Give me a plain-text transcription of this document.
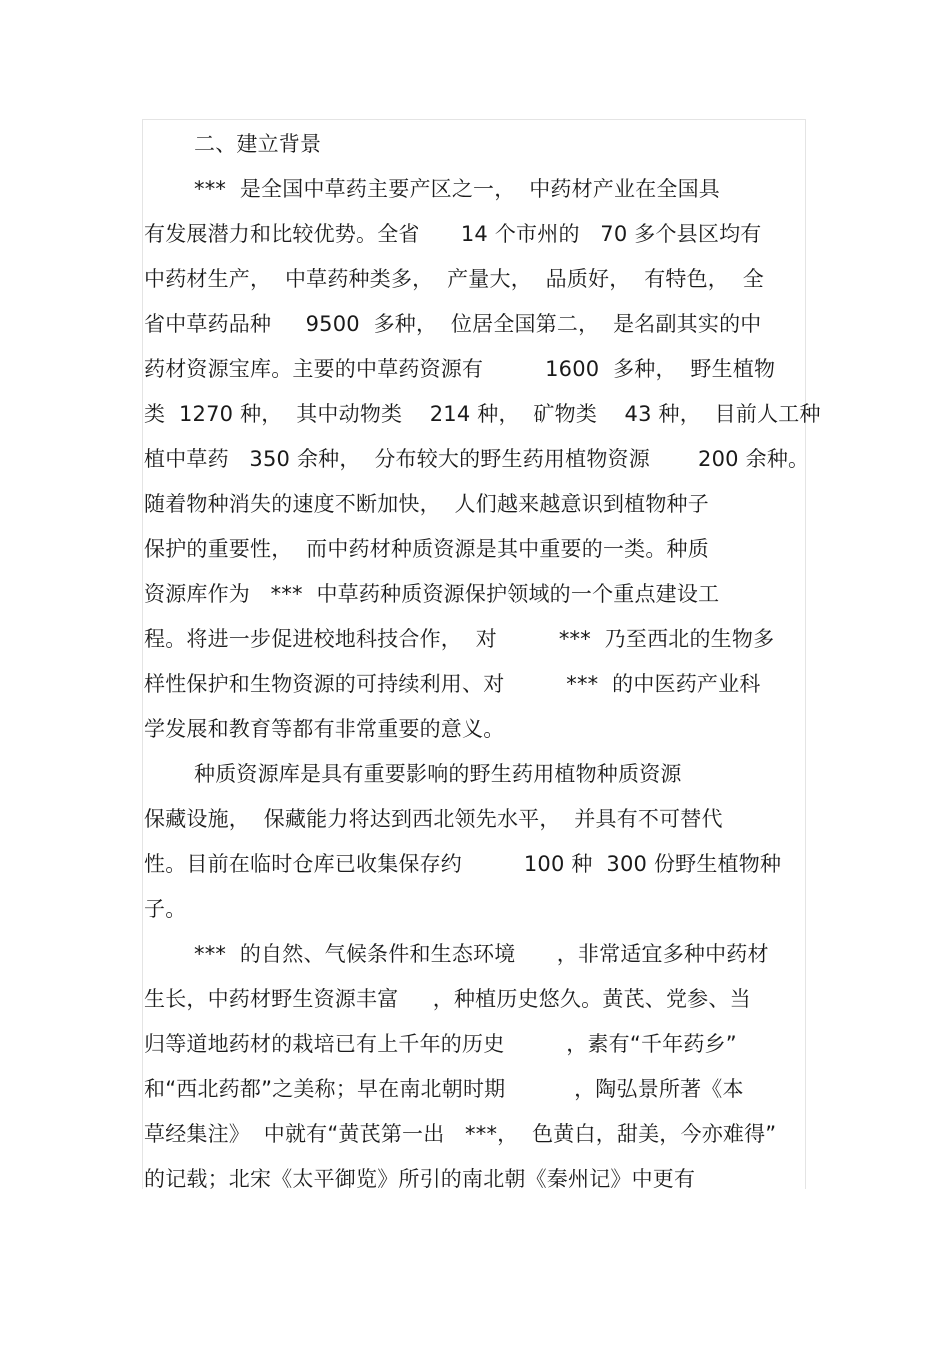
二、建立背景
***  是全国中草药主要产区之一，  中药材产业在全国具
有发展潜力和比较优势。全省      14 个市州的   70 多个县区均有
中药材生产，  中草药种类多，  产量大，  品质好，  有特色，  全
省中草药品种     9500  多种，  位居全国第二，  是名副其实的中
药材资源宝库。主要的中草药资源有         1600  多种，  野生植物
类  1270 种，  其中动物类    214 种，  矿物类    43 种，  目前人工种
植中草药   350 余种，  分布较大的野生药用植物资源       200 余种。
随着物种消失的速度不断加快，  人们越来越意识到植物种子
保护的重要性，  而中药材种质资源是其中重要的一类。种质
资源库作为   ***  中草药种质资源保护领域的一个重点建设工
程。将进一步促进校地科技合作，  对         ***  乃至西北的生物多
样性保护和生物资源的可持续利用、对         ***  的中医药产业科
学发展和教育等都有非常重要的意义。
种质资源库是具有重要影响的野生药用植物种质资源
保藏设施，  保藏能力将达到西北领先水平，  并具有不可替代
性。目前在临时仓库已收集保存约         100 种  300 份野生植物种
子。
***  的自然、气候条件和生态环境      ，非常适宜多种中药材
生长，中药材野生资源丰富     ，种植历史悠久。黄芪、党参、当
归等道地药材的栽培已有上千年的历史         ，素有“千年药乡”
和“西北药都”之美称；早在南北朝时期          ，陶弘景所著《本
草经集注》  中就有“黄芪第一出   ***，  色黄白，甜美，今亦难得”
的记载；北宋《太平御览》所引的南北朝《秦州记》中更有
